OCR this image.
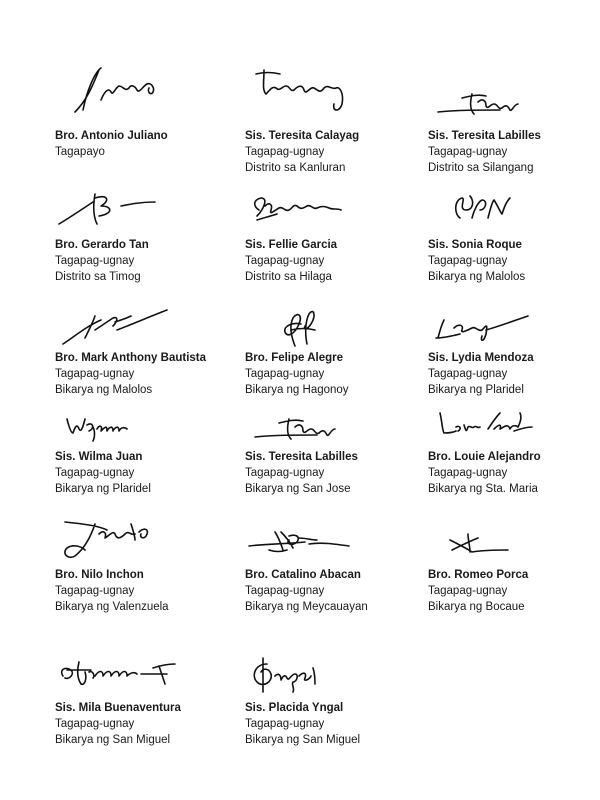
Bro. Antonio Juliano
Tagapayo
Sis. Teresita Calayag
Tagapag-ugnay
Distrito sa Kanluran
Sis. Teresita Labilles
Tagapag-ugnay
Distrito sa Silangang
Bro. Gerardo Tan
Tagapag-ugnay
Distrito sa Timog
Sis. Fellie Garcia
Tagapag-ugnay
Distrito sa Hilaga
Sis. Sonia Roque
Tagapag-ugnay
Bikarya ng Malolos
Bro. Mark Anthony Bautista
Tagapag-ugnay
Bikarya ng Malolos
Bro. Felipe Alegre
Tagapag-ugnay
Bikarya ng Hagonoy
Sis. Lydia Mendoza
Tagapag-ugnay
Bikarya ng Plaridel
Sis. Wilma Juan
Tagapag-ugnay
Bikarya ng Plaridel
Sis. Teresita Labilles
Tagapag-ugnay
Bikarya ng San Jose
Bro. Louie Alejandro
Tagapag-ugnay
Bikarya ng Sta. Maria
Bro. Nilo Inchon
Tagapag-ugnay
Bikarya ng Valenzuela
Bro. Catalino Abacan
Tagapag-ugnay
Bikarya ng Meycauayan
Bro. Romeo Porca
Tagapag-ugnay
Bikarya ng Bocaue
Sis. Mila Buenaventura
Tagapag-ugnay
Bikarya ng San Miguel
Sis. Placida Yngal
Tagapag-ugnay
Bikarya ng San Miguel
